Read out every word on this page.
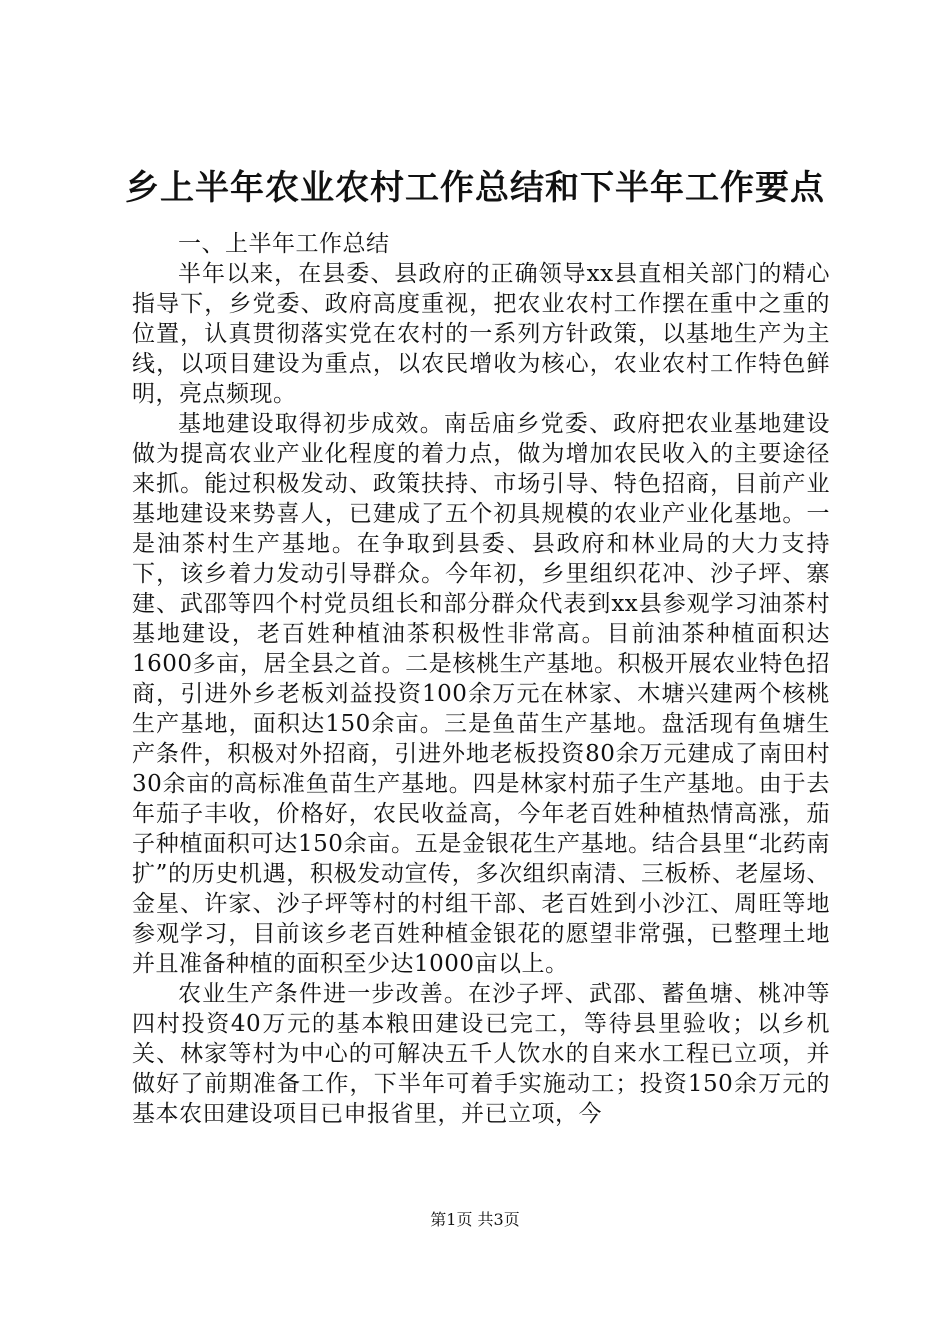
乡上半年农业农村工作总结和下半年工作要点

一、上半年工作总结

半年以来，在县委、县政府的正确领导xx县直相关部门的精心指导下，乡党委、政府高度重视，把农业农村工作摆在重中之重的位置，认真贯彻落实党在农村的一系列方针政策，以基地生产为主线，以项目建设为重点，以农民增收为核心，农业农村工作特色鲜明，亮点频现。

基地建设取得初步成效。南岳庙乡党委、政府把农业基地建设做为提高农业产业化程度的着力点，做为增加农民收入的主要途径来抓。能过积极发动、政策扶持、市场引导、特色招商，目前产业基地建设来势喜人，已建成了五个初具规模的农业产业化基地。一是油茶村生产基地。在争取到县委、县政府和林业局的大力支持下，该乡着力发动引导群众。今年初，乡里组织花冲、沙子坪、寨建、武邵等四个村党员组长和部分群众代表到xx县参观学习油茶村基地建设，老百姓种植油茶积极性非常高。目前油茶种植面积达1600多亩，居全县之首。二是核桃生产基地。积极开展农业特色招商，引进外乡老板刘益投资100余万元在林家、木塘兴建两个核桃生产基地，面积达150余亩。三是鱼苗生产基地。盘活现有鱼塘生产条件，积极对外招商，引进外地老板投资80余万元建成了南田村30余亩的高标准鱼苗生产基地。四是林家村茄子生产基地。由于去年茄子丰收，价格好，农民收益高，今年老百姓种植热情高涨，茄子种植面积可达150余亩。五是金银花生产基地。结合县里“北药南扩”的历史机遇，积极发动宣传，多次组织南清、三板桥、老屋场、金星、许家、沙子坪等村的村组干部、老百姓到小沙江、周旺等地参观学习，目前该乡老百姓种植金银花的愿望非常强，已整理土地并且准备种植的面积至少达1000亩以上。

农业生产条件进一步改善。在沙子坪、武邵、蓄鱼塘、桃冲等四村投资40万元的基本粮田建设已完工，等待县里验收；以乡机关、林家等村为中心的可解决五千人饮水的自来水工程已立项，并做好了前期准备工作，下半年可着手实施动工；投资150余万元的基本农田建设项目已申报省里，并已立项，今

第1页 共3页
